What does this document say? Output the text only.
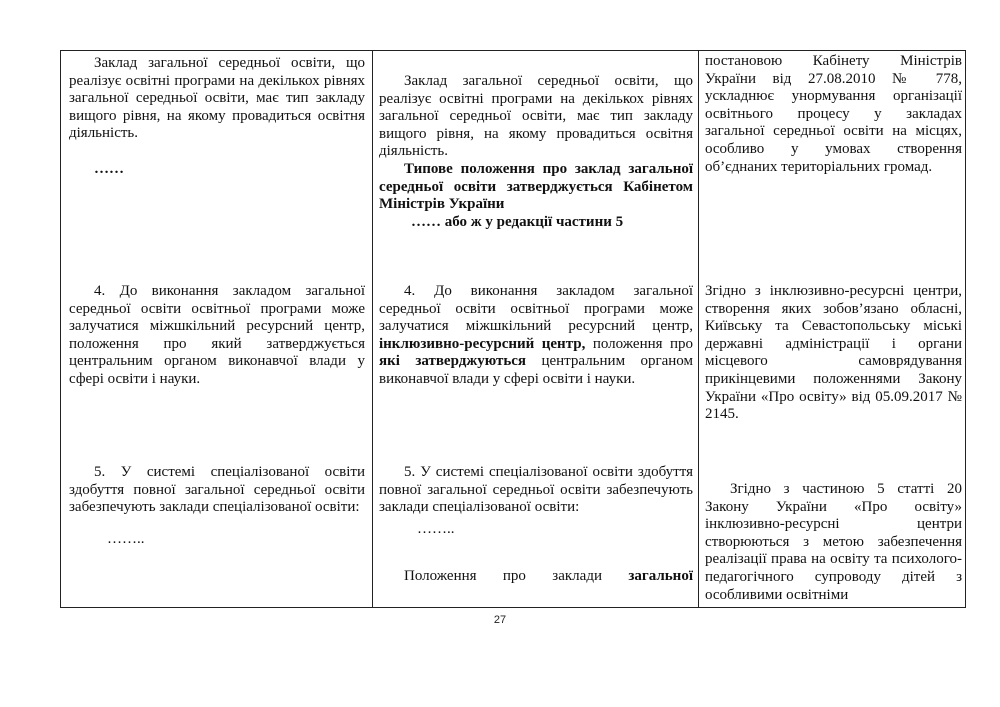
Заклад загальної середньої освіти, що реалізує освітні програми на декількох рівнях загальної середньої освіти, має тип закладу вищого рівня, на якому провадиться освітня діяльність.

……

4. До виконання закладом загальної середньої освіти освітньої програми може залучатися міжшкільний ресурсний центр, положення про який затверджується центральним органом виконавчої влади у сфері освіти і науки.

5. У системі спеціалізованої освіти здобуття повної загальної середньої освіти забезпечують заклади спеціалізованої освіти:

……..

Заклад загальної середньої освіти, що реалізує освітні програми на декількох рівнях загальної середньої освіти, має тип закладу вищого рівня, на якому провадиться освітня діяльність.

Типове положення про заклад загальної середньої освіти затверджується Кабінетом Міністрів України

…… або ж у редакції частини 5

4. До виконання закладом загальної середньої освіти освітньої програми може залучатися міжшкільний ресурсний центр, інклюзивно-ресурсний центр, положення про які затверджуються центральним органом виконавчої влади у сфері освіти і науки.

5. У системі спеціалізованої освіти здобуття повної загальної середньої освіти забезпечують заклади спеціалізованої освіти:

……..

Положення про заклади загальної

постановою Кабінету Міністрів України від 27.08.2010 № 778, ускладнює унормування організації освітнього процесу у закладах загальної середньої освіти на місцях, особливо у умовах створення об’єднаних територіальних громад.

Згідно з інклюзивно-ресурсні центри, створення яких зобов’язано обласні, Київську та Севастопольську міські державні адміністрації і органи місцевого самоврядування прикінцевими положеннями Закону України «Про освіту» від 05.09.2017 № 2145.

Згідно з частиною 5 статті 20 Закону України «Про освіту» інклюзивно-ресурсні центри створюються з метою забезпечення реалізації права на освіту та психолого-педагогічного супроводу дітей з особливими освітніми

27
